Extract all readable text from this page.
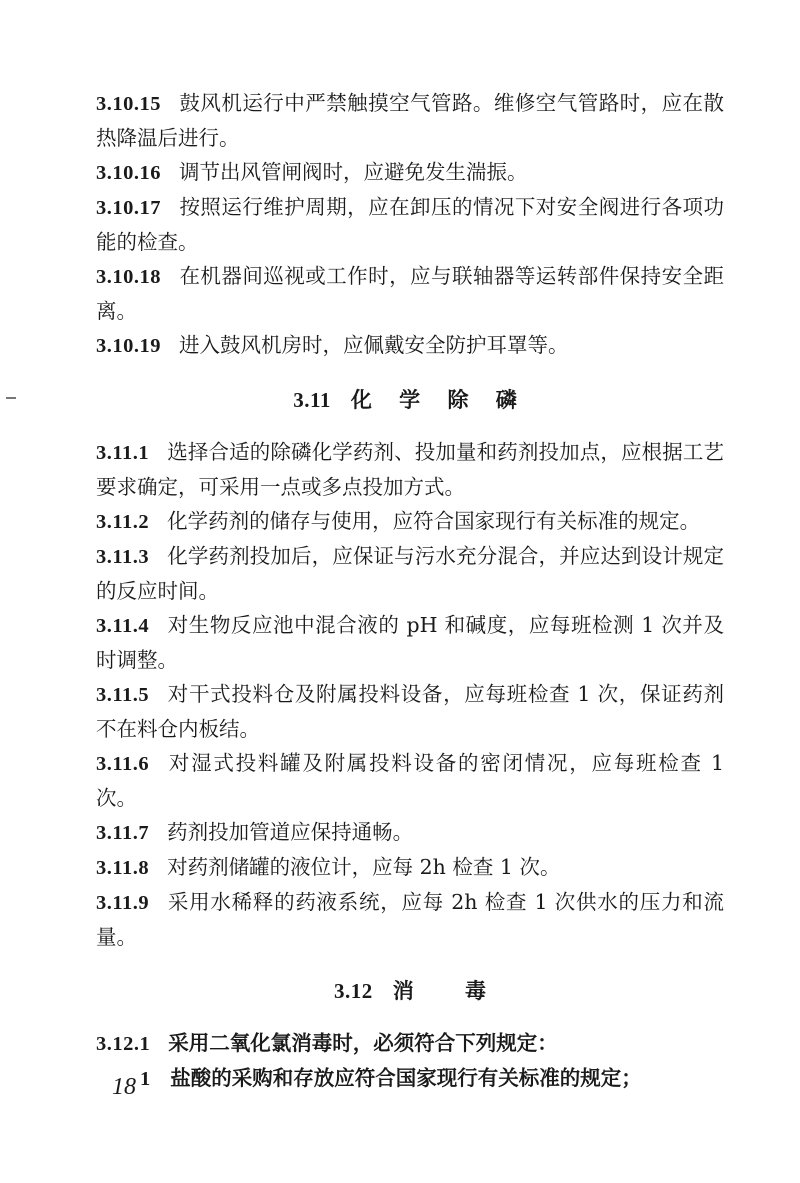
3.10.15 鼓风机运行中严禁触摸空气管路。维修空气管路时，应在散热降温后进行。

3.10.16 调节出风管闸阀时，应避免发生湍振。

3.10.17 按照运行维护周期，应在卸压的情况下对安全阀进行各项功能的检查。

3.10.18 在机器间巡视或工作时，应与联轴器等运转部件保持安全距离。

3.10.19 进入鼓风机房时，应佩戴安全防护耳罩等。

3.11 化 学 除 磷

3.11.1 选择合适的除磷化学药剂、投加量和药剂投加点，应根据工艺要求确定，可采用一点或多点投加方式。

3.11.2 化学药剂的储存与使用，应符合国家现行有关标准的规定。

3.11.3 化学药剂投加后，应保证与污水充分混合，并应达到设计规定的反应时间。

3.11.4 对生物反应池中混合液的 pH 和碱度，应每班检测 1 次并及时调整。

3.11.5 对干式投料仓及附属投料设备，应每班检查 1 次，保证药剂不在料仓内板结。

3.11.6 对湿式投料罐及附属投料设备的密闭情况，应每班检查 1 次。

3.11.7 药剂投加管道应保持通畅。

3.11.8 对药剂储罐的液位计，应每 2h 检查 1 次。

3.11.9 采用水稀释的药液系统，应每 2h 检查 1 次供水的压力和流量。

3.12 消 毒

3.12.1 采用二氧化氯消毒时，必须符合下列规定：

1 盐酸的采购和存放应符合国家现行有关标准的规定；

18
